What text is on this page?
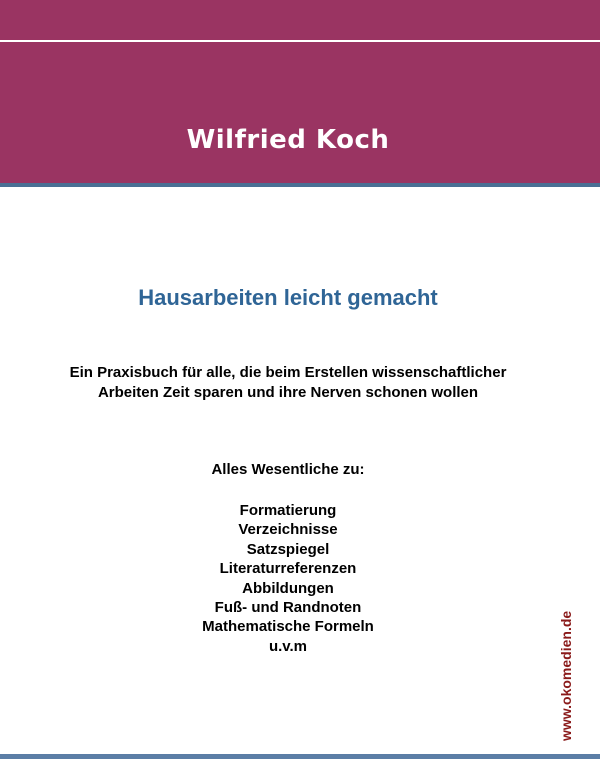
Wilfried Koch
Hausarbeiten leicht gemacht
Ein Praxisbuch für alle, die beim Erstellen wissenschaftlicher Arbeiten Zeit sparen und ihre Nerven schonen wollen
Alles Wesentliche zu:
Formatierung
Verzeichnisse
Satzspiegel
Literaturreferenzen
Abbildungen
Fuß- und Randnoten
Mathematische Formeln
u.v.m	www.okomedien.de
